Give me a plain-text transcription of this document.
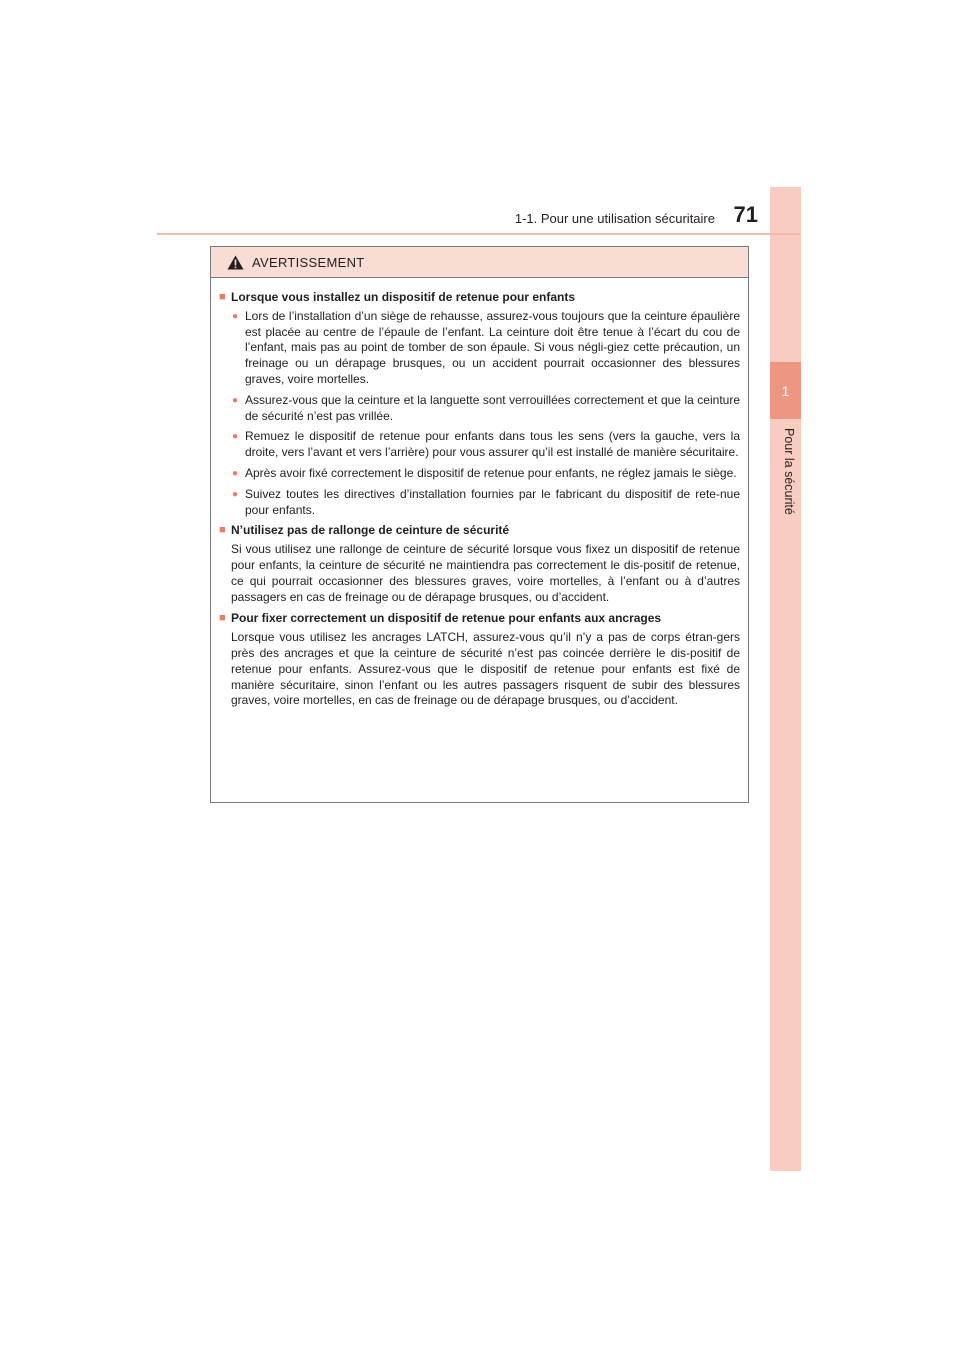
1
Pour la sécurité
1-1. Pour une utilisation sécuritaire 71
AVERTISSEMENT
■ Lorsque vous installez un dispositif de retenue pour enfants
● Lors de l’installation d’un siège de rehausse, assurez-vous toujours que la ceinture épaulière est placée au centre de l’épaule de l’enfant. La ceinture doit être tenue à l’écart du cou de l’enfant, mais pas au point de tomber de son épaule. Si vous négli-giez cette précaution, un freinage ou un dérapage brusques, ou un accident pourrait occasionner des blessures graves, voire mortelles.
● Assurez-vous que la ceinture et la languette sont verrouillées correctement et que la ceinture de sécurité n’est pas vrillée.
● Remuez le dispositif de retenue pour enfants dans tous les sens (vers la gauche, vers la droite, vers l’avant et vers l’arrière) pour vous assurer qu’il est installé de manière sécuritaire.
● Après avoir fixé correctement le dispositif de retenue pour enfants, ne réglez jamais le siège.
● Suivez toutes les directives d’installation fournies par le fabricant du dispositif de rete-nue pour enfants.
■ N’utilisez pas de rallonge de ceinture de sécurité
Si vous utilisez une rallonge de ceinture de sécurité lorsque vous fixez un dispositif de retenue pour enfants, la ceinture de sécurité ne maintiendra pas correctement le dis-positif de retenue, ce qui pourrait occasionner des blessures graves, voire mortelles, à l’enfant ou à d’autres passagers en cas de freinage ou de dérapage brusques, ou d’accident.
■ Pour fixer correctement un dispositif de retenue pour enfants aux ancrages
Lorsque vous utilisez les ancrages LATCH, assurez-vous qu’il n’y a pas de corps étran-gers près des ancrages et que la ceinture de sécurité n’est pas coincée derrière le dis-positif de retenue pour enfants. Assurez-vous que le dispositif de retenue pour enfants est fixé de manière sécuritaire, sinon l’enfant ou les autres passagers risquent de subir des blessures graves, voire mortelles, en cas de freinage ou de dérapage brusques, ou d’accident.
